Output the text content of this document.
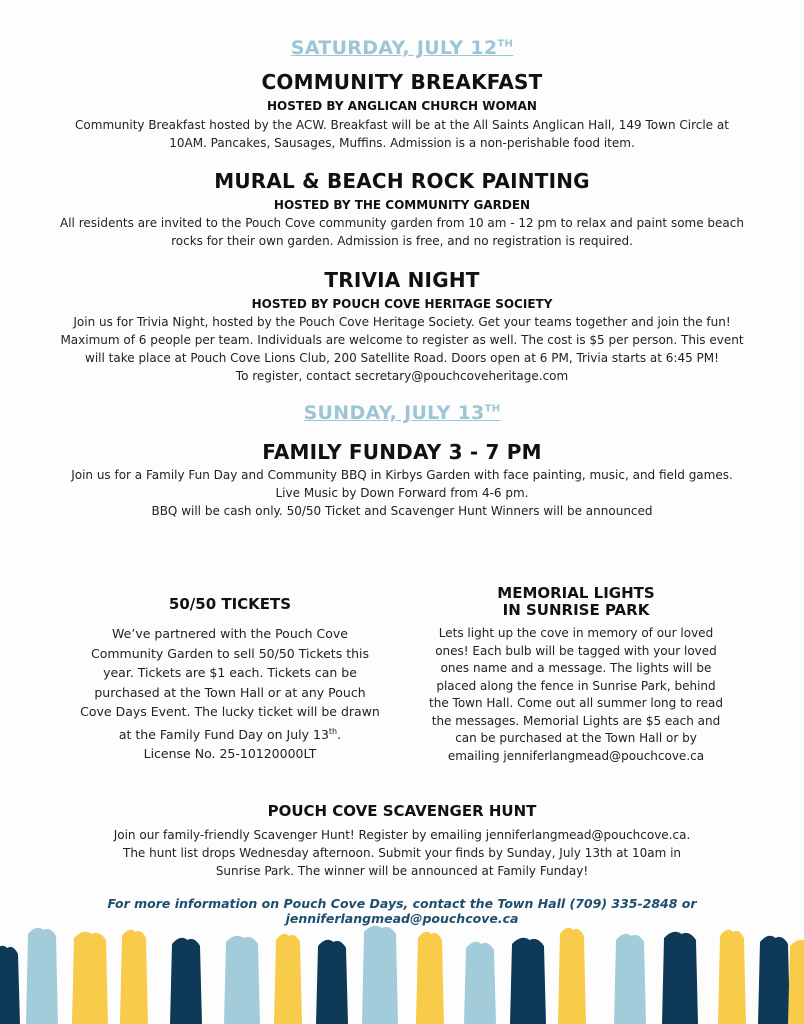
SATURDAY, JULY 12TH
COMMUNITY BREAKFAST
HOSTED BY ANGLICAN CHURCH WOMAN
Community Breakfast hosted by the ACW. Breakfast will be at the All Saints Anglican Hall, 149 Town Circle at
10AM. Pancakes, Sausages, Muffins. Admission is a non-perishable food item.
MURAL & BEACH ROCK PAINTING
HOSTED BY THE COMMUNITY GARDEN
All residents are invited to the Pouch Cove community garden from 10 am - 12 pm to relax and paint some beach
rocks for their own garden. Admission is free, and no registration is required.
TRIVIA NIGHT
HOSTED BY POUCH COVE HERITAGE SOCIETY
Join us for Trivia Night, hosted by the Pouch Cove Heritage Society. Get your teams together and join the fun!
Maximum of 6 people per team. Individuals are welcome to register as well. The cost is $5 per person. This event
will take place at Pouch Cove Lions Club, 200 Satellite Road. Doors open at 6 PM, Trivia starts at 6:45 PM!
To register, contact secretary@pouchcoveheritage.com
SUNDAY, JULY 13TH
FAMILY FUNDAY 3 - 7 PM
Join us for a Family Fun Day and Community BBQ in Kirbys Garden with face painting, music, and field games.
Live Music by Down Forward from 4-6 pm.
BBQ will be cash only. 50/50 Ticket and Scavenger Hunt Winners will be announced
50/50 TICKETS
We’ve partnered with the Pouch Cove
Community Garden to sell 50/50 Tickets this
year. Tickets are $1 each. Tickets can be
purchased at the Town Hall or at any Pouch
Cove Days Event. The lucky ticket will be drawn
at the Family Fund Day on July 13th.
License No. 25-10120000LT
MEMORIAL LIGHTS
IN SUNRISE PARK
Lets light up the cove in memory of our loved
ones! Each bulb will be tagged with your loved
ones name and a message. The lights will be
placed along the fence in Sunrise Park, behind
the Town Hall. Come out all summer long to read
the messages. Memorial Lights are $5 each and
can be purchased at the Town Hall or by
emailing jenniferlangmead@pouchcove.ca
POUCH COVE SCAVENGER HUNT
Join our family-friendly Scavenger Hunt! Register by emailing jenniferlangmead@pouchcove.ca.
The hunt list drops Wednesday afternoon. Submit your finds by Sunday, July 13th at 10am in
Sunrise Park. The winner will be announced at Family Funday!
For more information on Pouch Cove Days, contact the Town Hall (709) 335-2848 or jenniferlangmead@pouchcove.ca
